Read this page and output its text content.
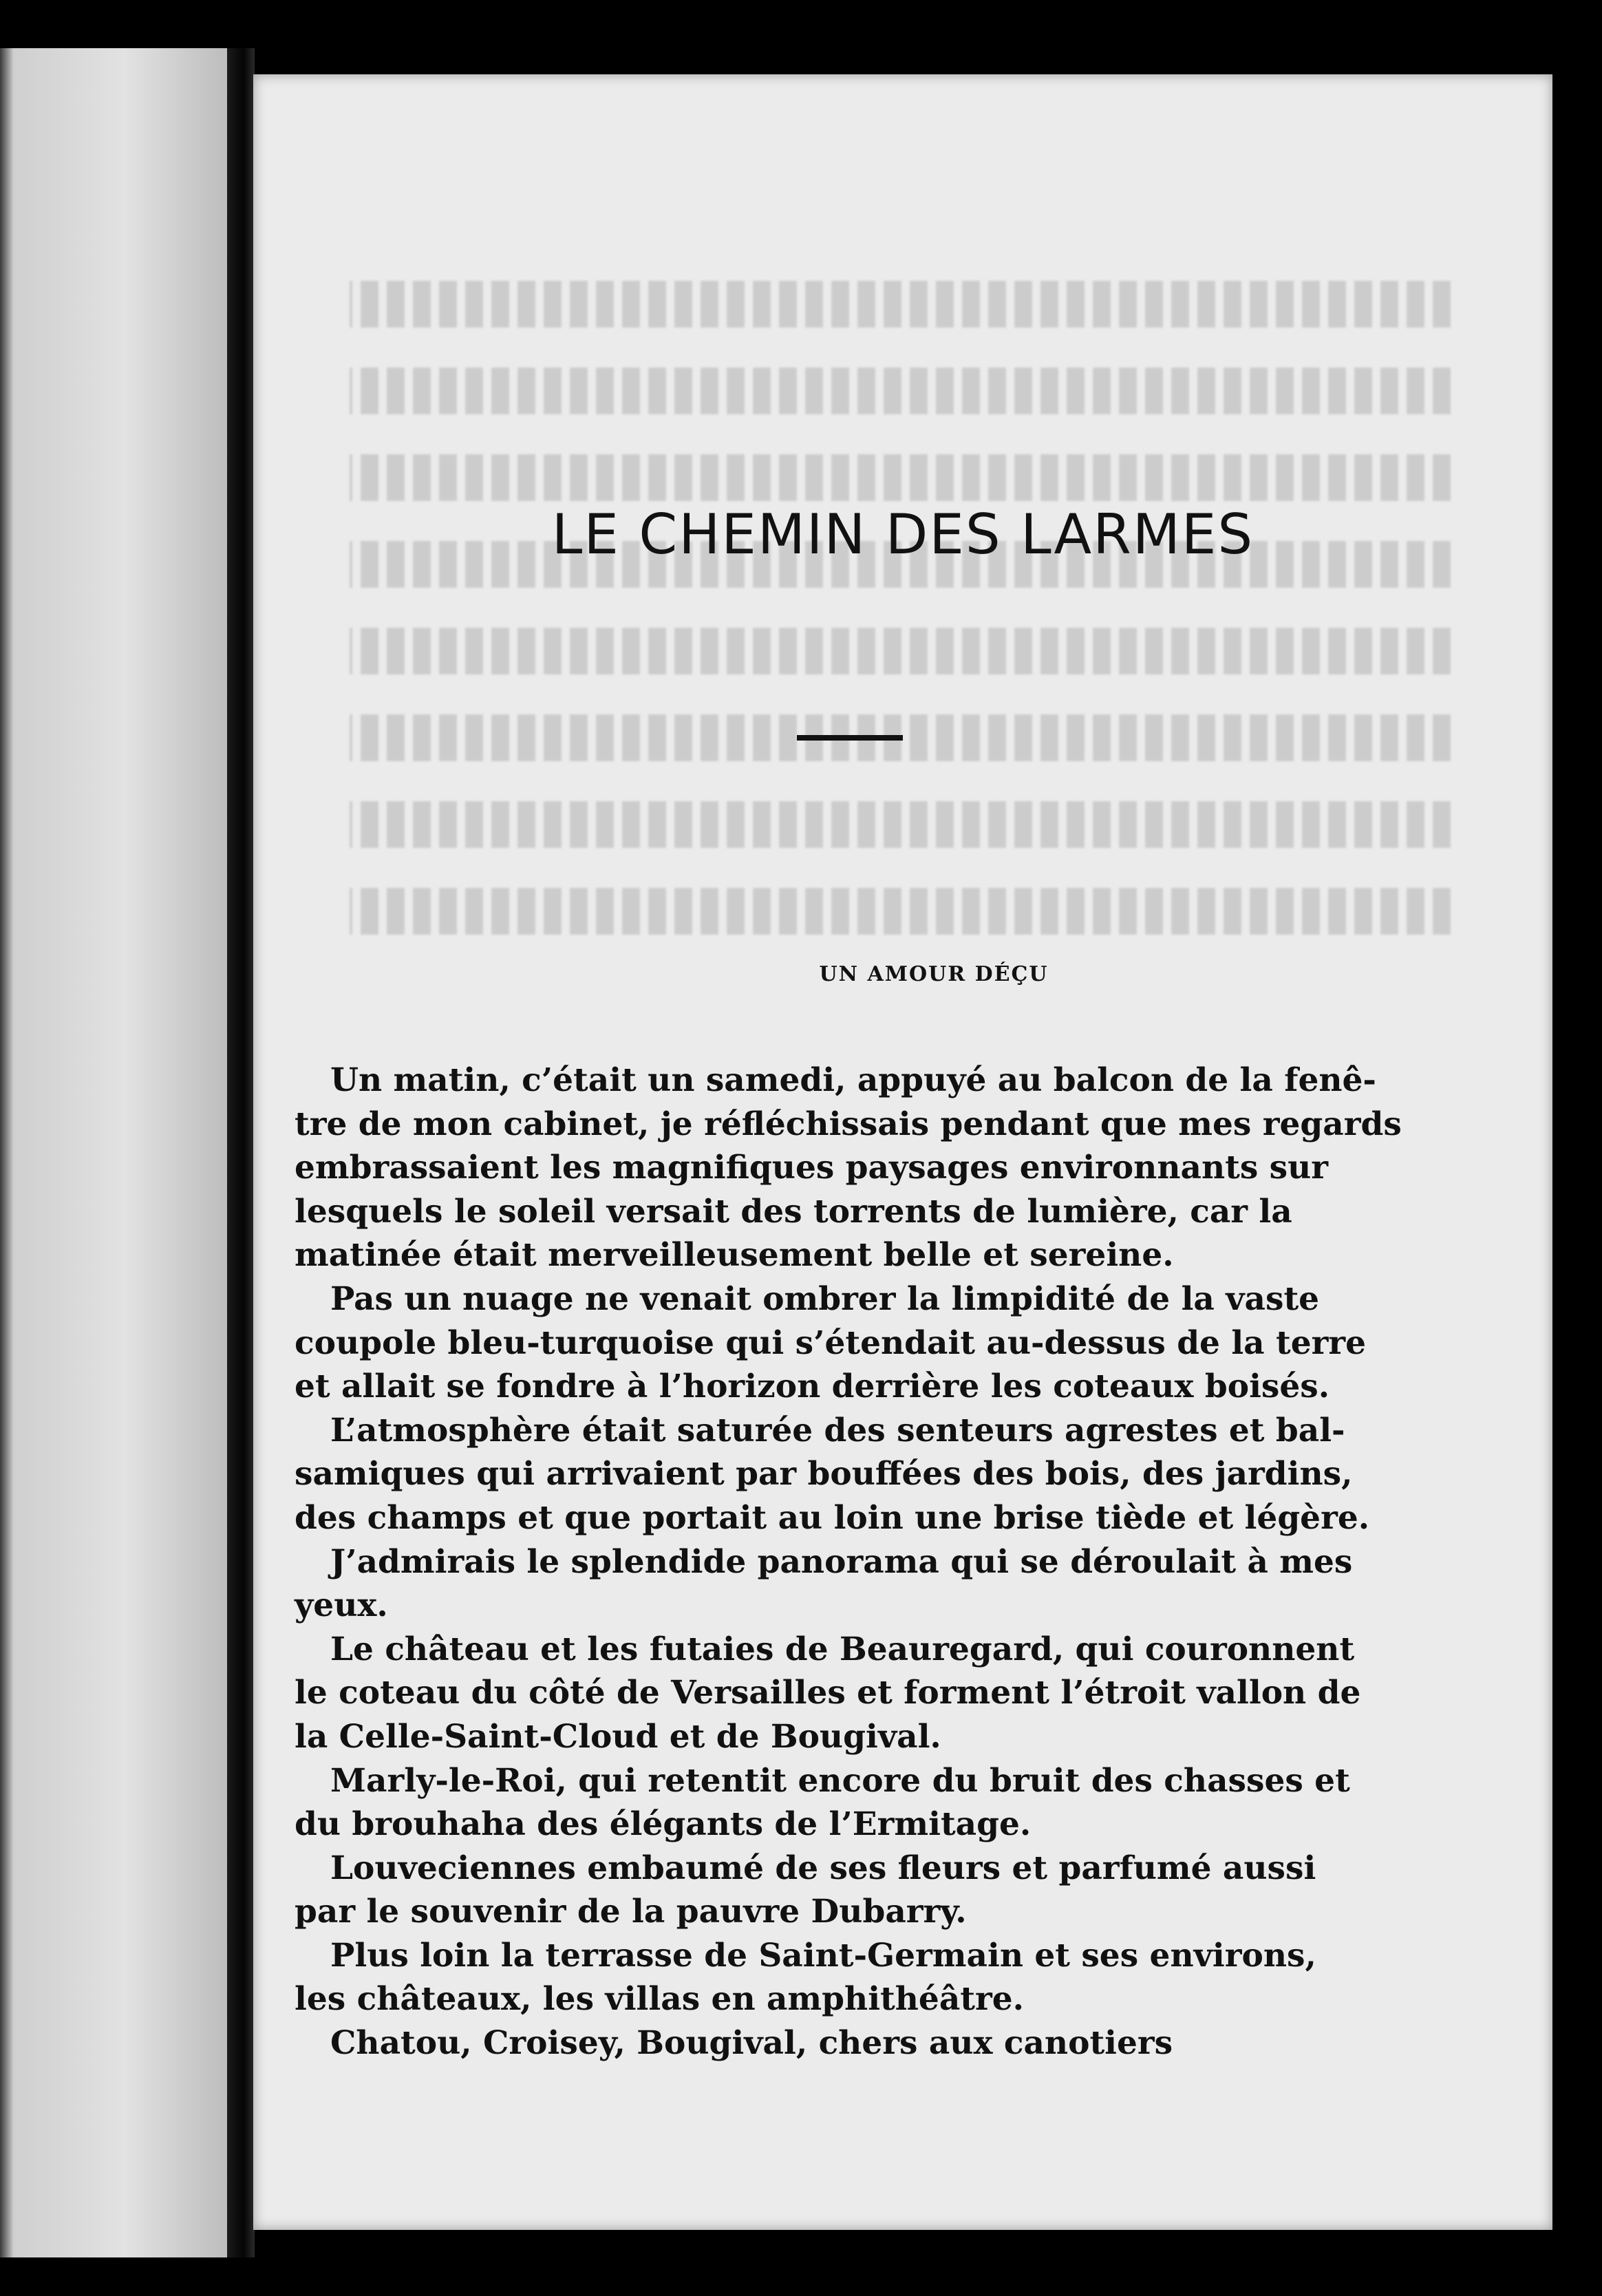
LE CHEMIN DES LARMES
UN AMOUR DÉÇU
Un matin, c’était un samedi, appuyé au balcon de la fenê-
tre de mon cabinet, je réfléchissais pendant que mes regards
embrassaient les magnifiques paysages environnants sur
lesquels le soleil versait des torrents de lumière, car la
matinée était merveilleusement belle et sereine.
Pas un nuage ne venait ombrer la limpidité de la vaste
coupole bleu-turquoise qui s’étendait au-dessus de la terre
et allait se fondre à l’horizon derrière les coteaux boisés.
L’atmosphère était saturée des senteurs agrestes et bal-
samiques qui arrivaient par bouffées des bois, des jardins,
des champs et que portait au loin une brise tiède et légère.
J’admirais le splendide panorama qui se déroulait à mes
yeux.
Le château et les futaies de Beauregard, qui couronnent
le coteau du côté de Versailles et forment l’étroit vallon de
la Celle-Saint-Cloud et de Bougival.
Marly-le-Roi, qui retentit encore du bruit des chasses et
du brouhaha des élégants de l’Ermitage.
Louveciennes embaumé de ses fleurs et parfumé aussi
par le souvenir de la pauvre Dubarry.
Plus loin la terrasse de Saint-Germain et ses environs,
les châteaux, les villas en amphithéâtre.
Chatou, Croisey, Bougival, chers aux canotiers
